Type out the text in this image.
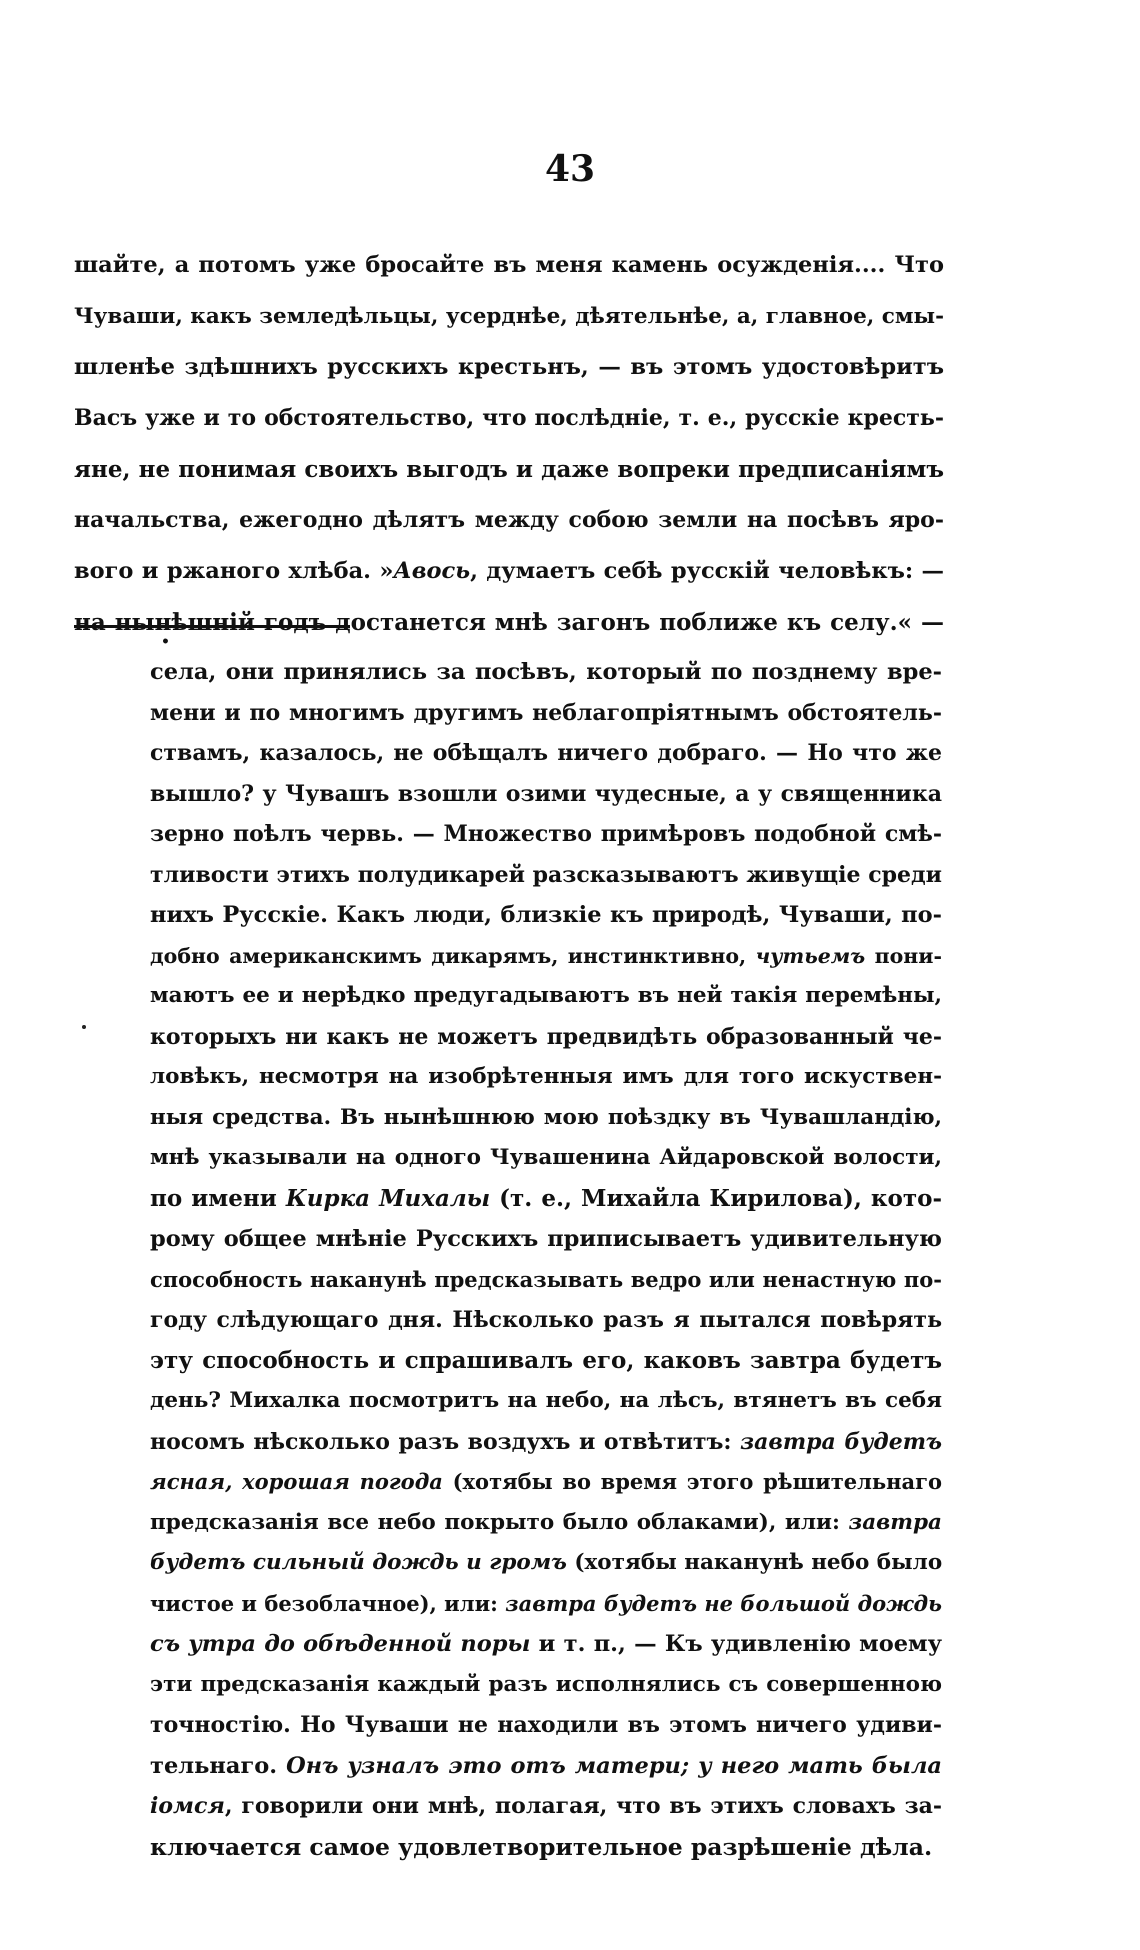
43
шайте, а потомъ уже бросайте въ меня камень осужденія.... Что
Чуваши, какъ земледѣльцы, усерднѣе, дѣятельнѣе, а, главное, смы-
шленѣе здѣшнихъ русскихъ крестьнъ, — въ этомъ удостовѣритъ
Васъ уже и то обстоятельство, что послѣдніе, т. е., русскіе кресть-
яне, не понимая своихъ выгодъ и даже вопреки предписаніямъ
начальства, ежегодно дѣлятъ между собою земли на посѣвъ яро-
вого и ржаного хлѣба. »Авось, думаетъ себѣ русскій человѣкъ: —
на нынѣшній годъ достанется мнѣ загонъ поближе къ селу.« —
•
села, они принялись за посѣвъ, который по позднему вре-
мени и по многимъ другимъ неблагопріятнымъ обстоятель-
ствамъ, казалось, не обѣщалъ ничего добраго. — Но что же
вышло? у Чувашъ взошли озими чудесные, а у священника
зерно поѣлъ червь. — Множество примѣровъ подобной смѣ-
тливости этихъ полудикарей разсказываютъ живущіе среди
нихъ Русскіе. Какъ люди, близкіе къ природѣ, Чуваши, по-
добно американскимъ дикарямъ, инстинктивно, чутьемъ пони-
маютъ ее и нерѣдко предугадываютъ въ ней такія перемѣны,
которыхъ ни какъ не можетъ предвидѣть образованный че-
ловѣкъ, несмотря на изобрѣтенныя имъ для того искуствен-
ныя средства. Въ нынѣшнюю мою поѣздку въ Чувашландію,
мнѣ указывали на одного Чувашенина Айдаровской волости,
по имени Кирка Михалы (т. е., Михайла Кирилова), кото-
рому общее мнѣніе Русскихъ приписываетъ удивительную
способность наканунѣ предсказывать ведро или ненастную по-
году слѣдующаго дня. Нѣсколько разъ я пытался повѣрять
эту способность и спрашивалъ его, каковъ завтра будетъ
день? Михалка посмотритъ на небо, на лѣсъ, втянетъ въ себя
носомъ нѣсколько разъ воздухъ и отвѣтитъ: завтра будетъ
ясная, хорошая погода (хотябы во время этого рѣшительнаго
предсказанія все небо покрыто было облаками), или: завтра
будетъ сильный дождь и громъ (хотябы наканунѣ небо было
чистое и безоблачное), или: завтра будетъ не большой дождь
съ утра до обѣденной поры и т. п., — Къ удивленію моему
эти предсказанія каждый разъ исполнялись съ совершенною
точностію. Но Чуваши не находили въ этомъ ничего удиви-
тельнаго. Онъ узналъ это отъ матери; у него мать была
іомся, говорили они мнѣ, полагая, что въ этихъ словахъ за-
ключается самое удовлетворительное разрѣшеніе дѣла.
